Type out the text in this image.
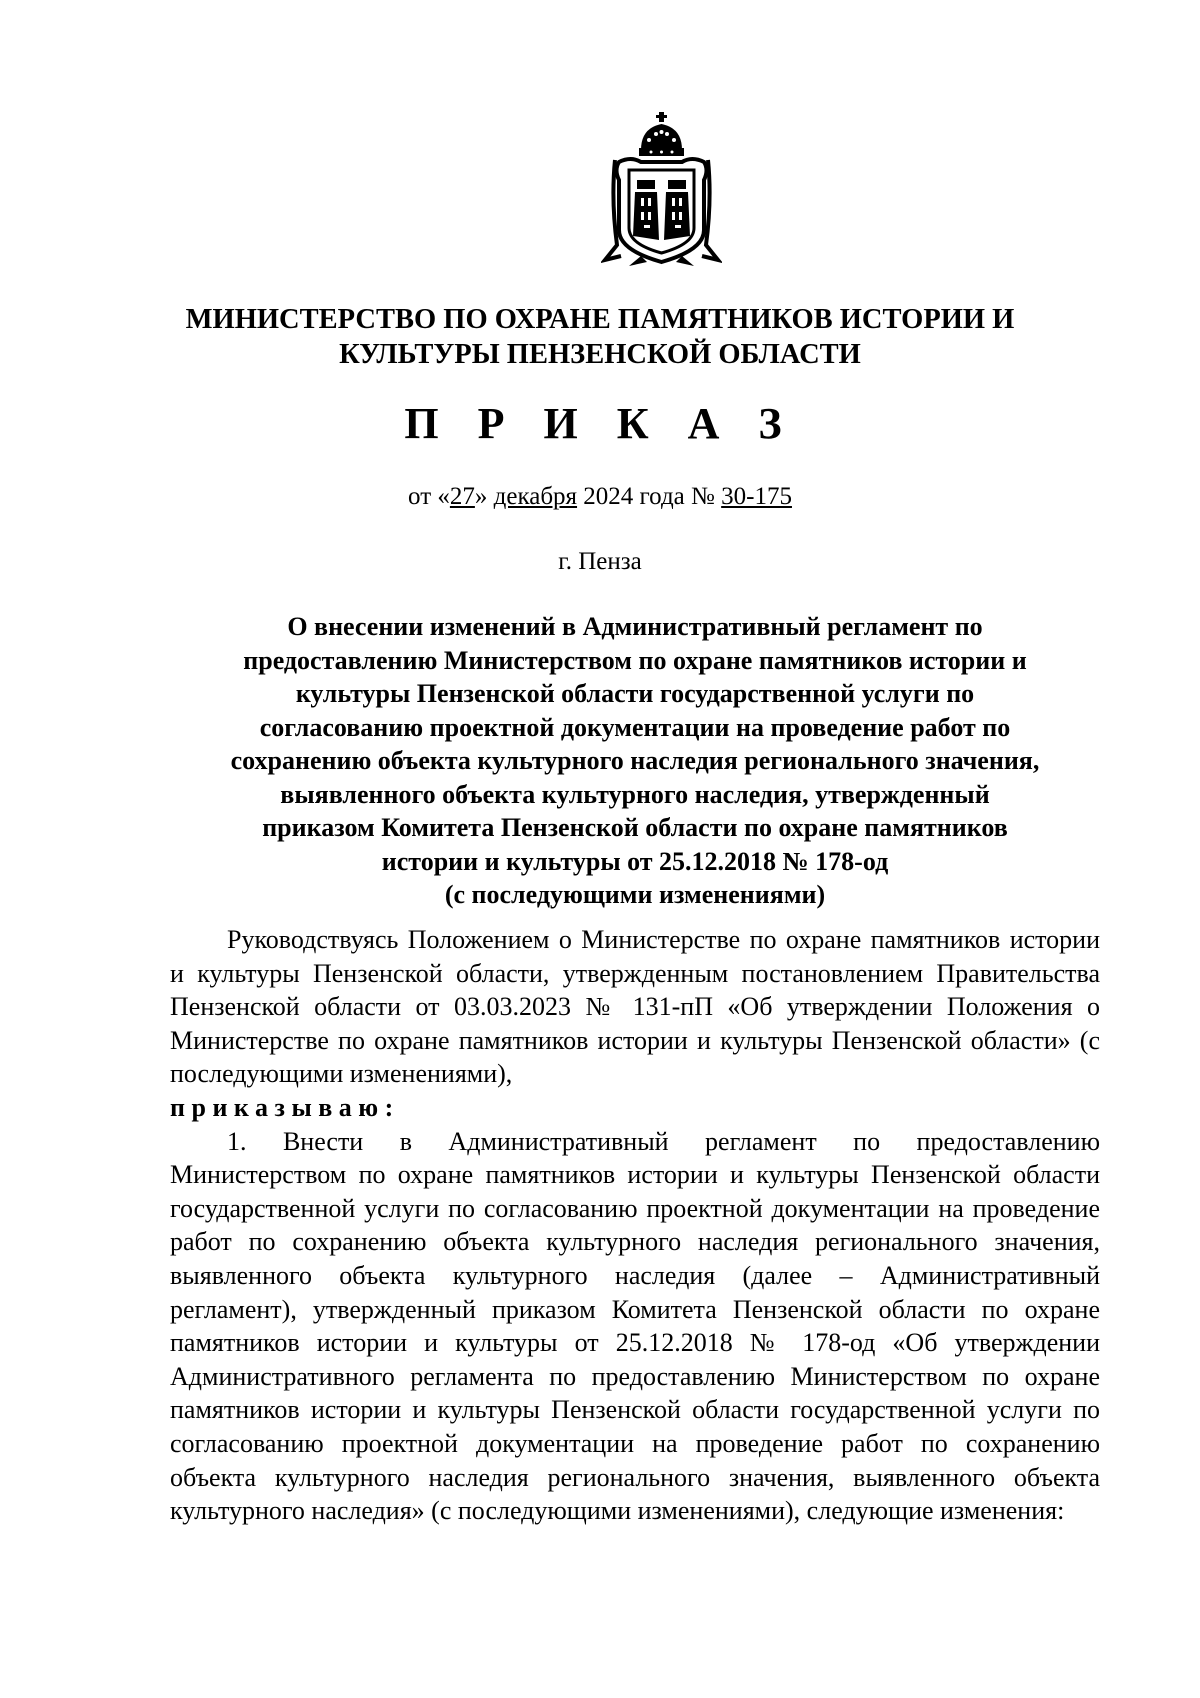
МИНИСТЕРСТВО ПО ОХРАНЕ ПАМЯТНИКОВ ИСТОРИИ И
КУЛЬТУРЫ ПЕНЗЕНСКОЙ ОБЛАСТИ
П Р И К А З
от «27» декабря 2024 года № 30-175
г. Пенза
О внесении изменений в Административный регламент по
предоставлению Министерством по охране памятников истории и
культуры Пензенской области государственной услуги по
согласованию проектной документации на проведение работ по
сохранению объекта культурного наследия регионального значения,
выявленного объекта культурного наследия, утвержденный
приказом Комитета Пензенской области по охране памятников
истории и культуры от 25.12.2018 № 178-од
(с последующими изменениями)

Руководствуясь Положением о Министерстве по охране памятников истории и культуры Пензенской области, утвержденным постановлением Правительства Пензенской области от 03.03.2023 № 131-пП «Об утверждении Положения о Министерстве по охране памятников истории и культуры Пензенской области» (с последующими изменениями),

приказываю:

1. Внести в Административный регламент по предоставлению Министерством по охране памятников истории и культуры Пензенской области государственной услуги по согласованию проектной документации на проведение работ по сохранению объекта культурного наследия регионального значения, выявленного объекта культурного наследия (далее – Административный регламент), утвержденный приказом Комитета Пензенской области по охране памятников истории и культуры от 25.12.2018 № 178-од «Об утверждении Административного регламента по предоставлению Министерством по охране памятников истории и культуры Пензенской области государственной услуги по согласованию проектной документации на проведение работ по сохранению объекта культурного наследия регионального значения, выявленного объекта культурного наследия» (с последующими изменениями), следующие изменения:
